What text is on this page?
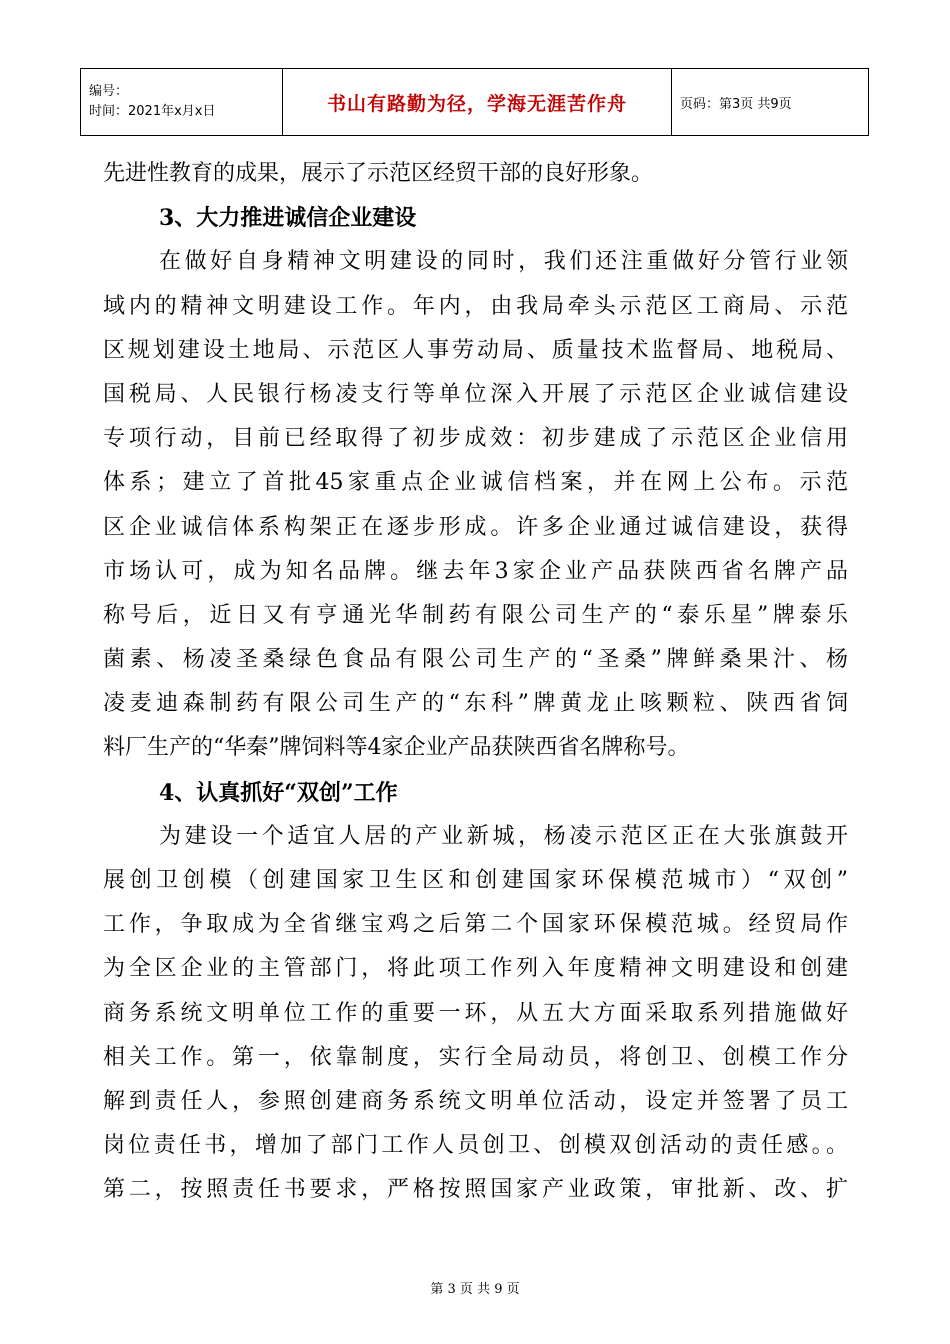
编号：
时间：2021年x月x日	书山有路勤为径，学海无涯苦作舟	页码：第3页 共9页
先进性教育的成果，展示了示范区经贸干部的良好形象。
3、大力推进诚信企业建设
在做好自身精神文明建设的同时，我们还注重做好分管行业领
域内的精神文明建设工作。年内，由我局牵头示范区工商局、示范
区规划建设土地局、示范区人事劳动局、质量技术监督局、地税局、
国税局、人民银行杨凌支行等单位深入开展了示范区企业诚信建设
专项行动，目前已经取得了初步成效：初步建成了示范区企业信用
体系；建立了首批45家重点企业诚信档案，并在网上公布。示范
区企业诚信体系构架正在逐步形成。许多企业通过诚信建设，获得
市场认可，成为知名品牌。继去年3家企业产品获陕西省名牌产品
称号后，近日又有亨通光华制药有限公司生产的“泰乐星”牌泰乐
菌素、杨凌圣桑绿色食品有限公司生产的“圣桑”牌鲜桑果汁、杨
凌麦迪森制药有限公司生产的“东科”牌黄龙止咳颗粒、陕西省饲
料厂生产的“华秦”牌饲料等4家企业产品获陕西省名牌称号。
4、认真抓好“双创”工作
为建设一个适宜人居的产业新城，杨凌示范区正在大张旗鼓开
展创卫创模（创建国家卫生区和创建国家环保模范城市）“双创”
工作，争取成为全省继宝鸡之后第二个国家环保模范城。经贸局作
为全区企业的主管部门，将此项工作列入年度精神文明建设和创建
商务系统文明单位工作的重要一环，从五大方面采取系列措施做好
相关工作。第一，依靠制度，实行全局动员，将创卫、创模工作分
解到责任人，参照创建商务系统文明单位活动，设定并签署了员工
岗位责任书，增加了部门工作人员创卫、创模双创活动的责任感。。
第二，按照责任书要求，严格按照国家产业政策，审批新、改、扩
第 3 页 共 9 页
